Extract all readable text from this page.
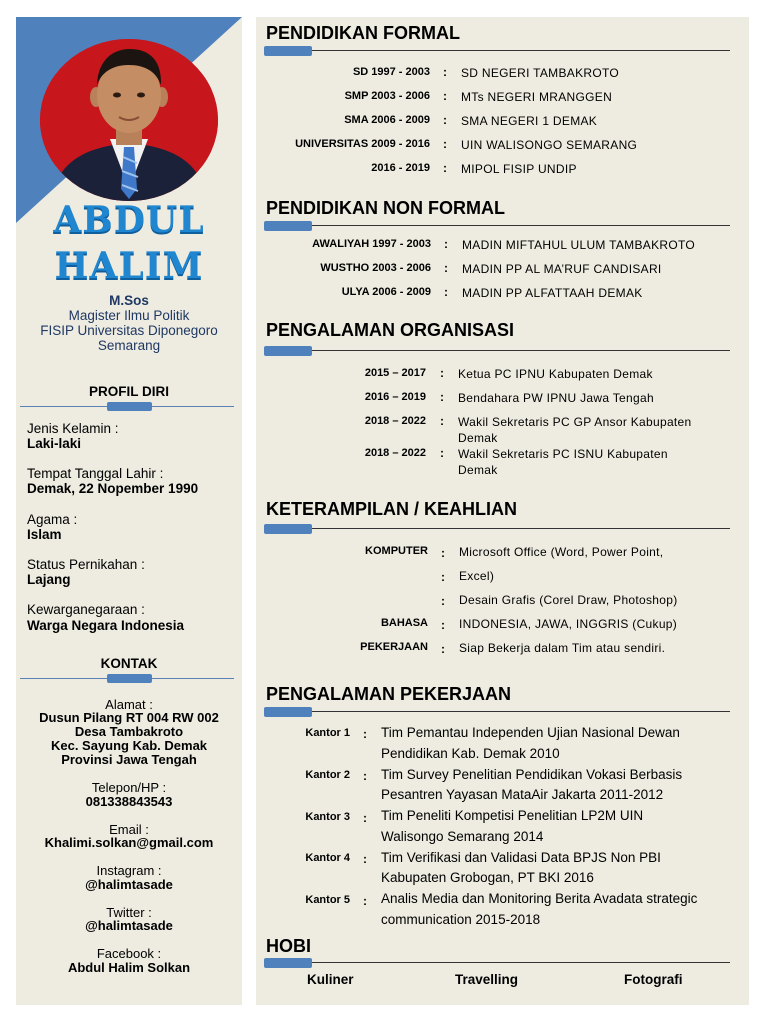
ABDUL
HALIM
M.Sos
Magister Ilmu Politik
FISIP Universitas Diponegoro
Semarang
PROFIL DIRI
Jenis Kelamin :
Laki-laki
Tempat Tanggal Lahir :
Demak, 22 Nopember 1990
Agama :
Islam
Status Pernikahan :
Lajang
Kewarganegaraan :
Warga Negara Indonesia
KONTAK
Alamat :
Dusun Pilang RT 004 RW 002
Desa Tambakroto
Kec. Sayung Kab. Demak
Provinsi Jawa Tengah
Telepon/HP :
081338843543
Email :
Khalimi.solkan@gmail.com
Instagram :
@halimtasade
Twitter :
@halimtasade
Facebook :
Abdul Halim Solkan
PENDIDIKAN FORMAL
SD 1997 - 2003 : SD NEGERI TAMBAKROTO
SMP 2003 - 2006 : MTs NEGERI MRANGGEN
SMA 2006 - 2009 : SMA NEGERI 1 DEMAK
UNIVERSITAS 2009 - 2016 : UIN WALISONGO SEMARANG
2016 - 2019 : MIPOL FISIP UNDIP
PENDIDIKAN NON FORMAL
AWALIYAH 1997 - 2003 : MADIN MIFTAHUL ULUM TAMBAKROTO
WUSTHO 2003 - 2006 : MADIN PP AL MA’RUF CANDISARI
ULYA 2006 - 2009 : MADIN PP ALFATTAAH DEMAK
PENGALAMAN ORGANISASI
2015 – 2017 : Ketua PC IPNU Kabupaten Demak
2016 – 2019 : Bendahara PW IPNU Jawa Tengah
2018 – 2022 : Wakil Sekretaris PC GP Ansor Kabupaten
Demak
2018 – 2022 : Wakil Sekretaris PC ISNU Kabupaten
Demak
KETERAMPILAN / KEAHLIAN
KOMPUTER : Microsoft Office (Word, Power Point,
: Excel)
: Desain Grafis (Corel Draw, Photoshop)
BAHASA : INDONESIA, JAWA, INGGRIS (Cukup)
PEKERJAAN : Siap Bekerja dalam Tim atau sendiri.
PENGALAMAN PEKERJAAN
Kantor 1 : Tim Pemantau Independen Ujian Nasional Dewan
Pendidikan Kab. Demak 2010
Kantor 2 : Tim Survey Penelitian Pendidikan Vokasi Berbasis
Pesantren Yayasan MataAir Jakarta 2011-2012
Kantor 3 : Tim Peneliti Kompetisi Penelitian LP2M UIN
Walisongo Semarang 2014
Kantor 4 : Tim Verifikasi dan Validasi Data BPJS Non PBI
Kabupaten Grobogan, PT BKI 2016
Kantor 5 : Analis Media dan Monitoring Berita Avadata strategic
communication 2015-2018
HOBI
Kuliner	Travelling	Fotografi
